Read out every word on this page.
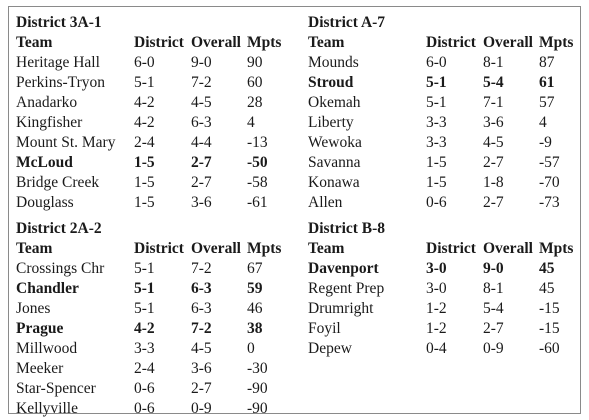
District 3A-1
Team	District Overall Mpts
Heritage Hall 6-0 9-0 90
Perkins-Tryon 5-1 7-2 60
Anadarko	4-2 4-5 28
Kingfisher	4-2 6-3 4
Mount St. Mary 2-4 4-4 -13
McLoud	1-5 2-7 -50
Bridge Creek 1-5 2-7 -58
Douglass	1-5 3-6 -61
District A-7
Team	District Overall Mpts
Mounds	6-0 8-1 87
Stroud	5-1 5-4 61
Okemah	5-1 7-1 57
Liberty	3-3 3-6 4
Wewoka	3-3 4-5 -9
Savanna	1-5 2-7 -57
Konawa	1-5 1-8 -70
Allen	0-6 2-7 -73
District 2A-2
Team	District Overall Mpts
Crossings Chr 5-1 7-2 67
Chandler	5-1 6-3 59
Jones	5-1 6-3 46
Prague	4-2 7-2 38
Millwood	3-3 4-5 0
Meeker	2-4 3-6 -30
Star-Spencer 0-6 2-7 -90
Kellyville	0-6 0-9 -90
District B-8
Team	District Overall Mpts
Davenport	3-0 9-0 45
Regent Prep	3-0 8-1 45
Drumright	1-2 5-4 -15
Foyil	1-2 2-7 -15
Depew	0-4 0-9 -60
